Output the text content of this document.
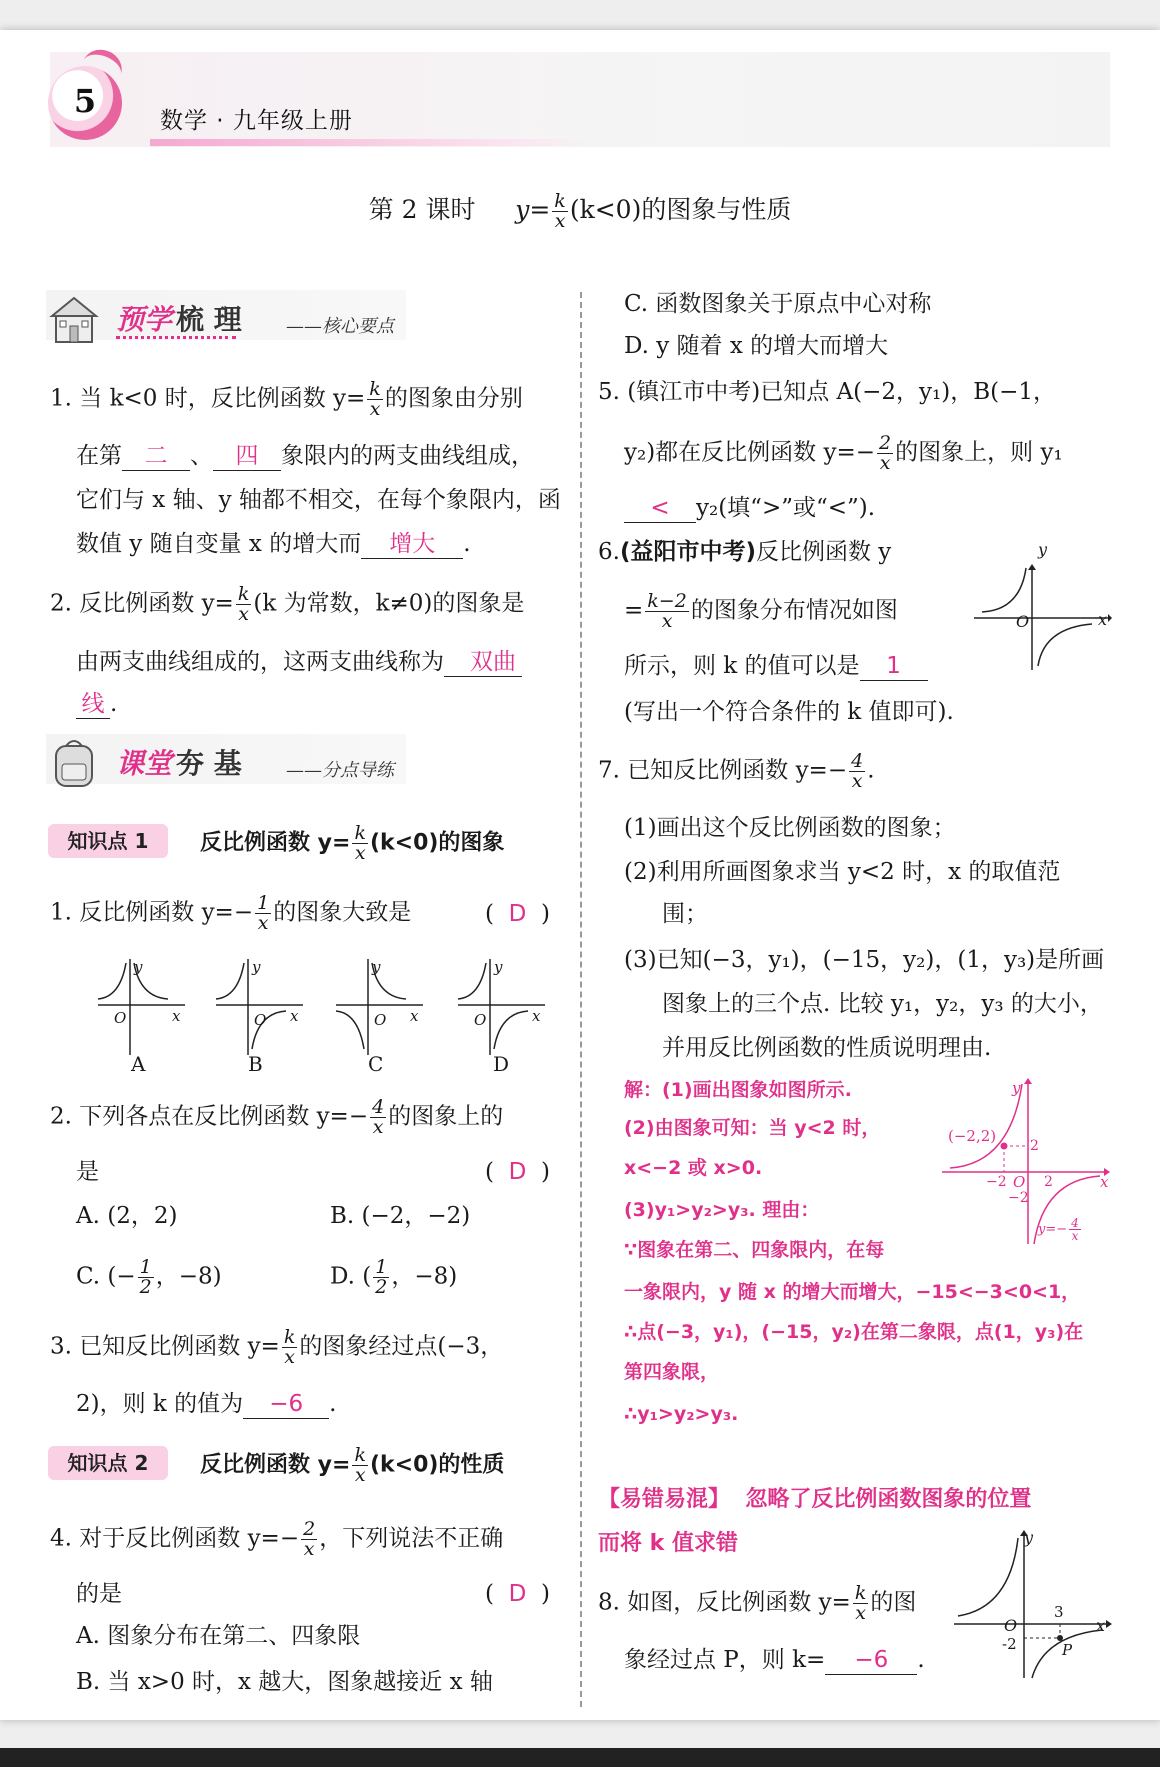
5
数学 · 九年级上册
第 2 课时 $y= \frac{k}{x} (k<0)$的图象与性质
预学 梳 理 ——核心要点
1. 当 k<0 时，反比例函数 $y= \frac{k}{x}$ 的图象由分别
在第 二 、 四 象限内的两支曲线组成，
它们与 x 轴、y 轴都不相交，在每个象限内，函
数值 y 随自变量 x 的增大而 增大 .
2. 反比例函数 $y= \frac{k}{x} (k$ 为常数，k≠0)的图象是
由两支曲线组成的，这两支曲线称为 双曲
线 .
课堂 夯 基 ——分点导练
知识点 1	反比例函数 $y= \frac{k}{x} (k<0)$的图象
1. 反比例函数 $y=- \frac{1}{x}$ 的图象大致是	( D )
y	y	y	y
x	x	x	x
O	O	O	O
A	B	C	D
2. 下列各点在反比例函数 $y=- \frac{4}{x}$ 的图象上的
是	(  D  )
A. (2，2)	B. (−2，−2)
C. (− $\frac{1}{2}$ ，−8)	D. ( $\frac{1}{2}$ ，−8)
3. 已知反比例函数 $y= \frac{k}{x}$ 的图象经过点(−3，
2)，则 k 的值为 −6 .
知识点 2	反比例函数 $y= \frac{k}{x} (k<0)$的性质
4. 对于反比例函数 $y=- \frac{2}{x}$ ，下列说法不正确
的是	(  D  )
A. 图象分布在第二、四象限
B. 当 x>0 时，x 越大，图象越接近 x 轴
C. 函数图象关于原点中心对称
D. y 随着 x 的增大而增大
5. (镇江市中考)已知点 A(−2，y₁)，B(−1，
y₂)都在反比例函数 $y=- \frac{2}{x}$ 的图象上，则 y₁
< y₂(填“>”或“<”).
6.(益阳市中考)反比例函数 y
= $\frac{k-2}{x}$ 的图象分布情况如图
所示，则 k 的值可以是 1
(写出一个符合条件的 k 值即可).
y
x
O
7. 已知反比例函数 $y=- \frac{4}{x}$ .
(1)画出这个反比例函数的图象；
(2)利用所画图象求当 y<2 时，x 的取值范
围；
(3)已知(−3，y₁)，(−15，y₂)，(1，y₃)是所画
图象上的三个点. 比较 y₁，y₂，y₃ 的大小，
并用反比例函数的性质说明理由.
解：(1)画出图象如图所示.
(2)由图象可知：当 y<2 时，
x<−2 或 x>0.
(3)y₁>y₂>y₃. 理由：
∵图象在第二、四象限内，在每
一象限内，y 随 x 的增大而增大，−15<−3<0<1，
∴点(−3，y₁)，(−15，y₂)在第二象限，点(1，y₃)在
第四象限，
∴y₁>y₂>y₃.
y
x
(−2,2)
2
−2 O 2
−2
$y=- \frac{4}{x}$
【易错易混】 忽略了反比例函数图象的位置
而将 k 值求错
8. 如图，反比例函数 $y= \frac{k}{x}$ 的图
象经过点 P，则 k= −6 .
y
x
O
3
-2	P
